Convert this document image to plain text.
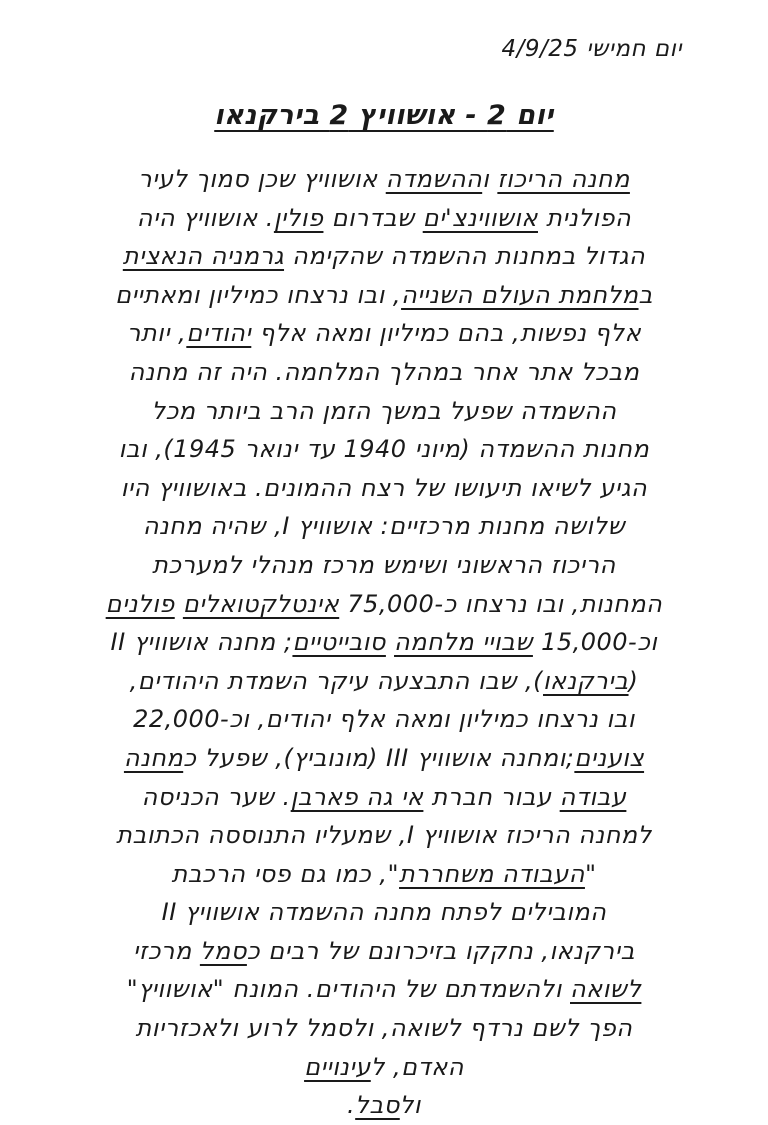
יום חמישי 4/9/25
יום 2 - אושוויץ 2 בירקנאו
מחנה הריכוז וההשמדה אושוויץ שכן סמוך לעיר
הפולנית אושווינצ'ים שבדרום פולין. אושוויץ היה
הגדול במחנות ההשמדה שהקימה גרמניה הנאצית
במלחמת העולם השנייה, ובו נרצחו כמיליון ומאתיים
אלף נפשות, בהם כמיליון ומאה אלף יהודים, יותר
מבכל אתר אחר במהלך המלחמה. היה זה מחנה
ההשמדה שפעל במשך הזמן הרב ביותר מכל
מחנות ההשמדה (מיוני 1940 עד ינואר 1945), ובו
הגיע לשיאו תיעושו של רצח ההמונים. באושוויץ היו
שלושה מחנות מרכזיים: אושוויץ I, שהיה מחנה
הריכוז הראשוני ושימש מרכז מנהלי למערכת
המחנות, ובו נרצחו כ-75,000 אינטלקטואלים פולנים
וכ-15,000 שבויי מלחמה סובייטיים; מחנה אושוויץ II
(בירקנאו), שבו התבצעה עיקר השמדת היהודים,
ובו נרצחו כמיליון ומאה אלף יהודים, וכ-22,000
צוענים;ומחנה אושוויץ III (מונוביץ), שפעל כמחנה
עבודה עבור חברת אי גה פארבן. שער הכניסה
למחנה הריכוז אושוויץ I, שמעליו התנוססה הכתובת
"העבודה משחררת", כמו גם פסי הרכבת
המובילים לפתח מחנה ההשמדה אושוויץ II
בירקנאו, נחקקו בזיכרונם של רבים כסמל מרכזי
לשואה ולהשמדתם של היהודים. המונח "אושוויץ"
הפך לשם נרדף לשואה, ולסמל לרוע ולאכזריות
האדם, לעינויים
ולסבל.
